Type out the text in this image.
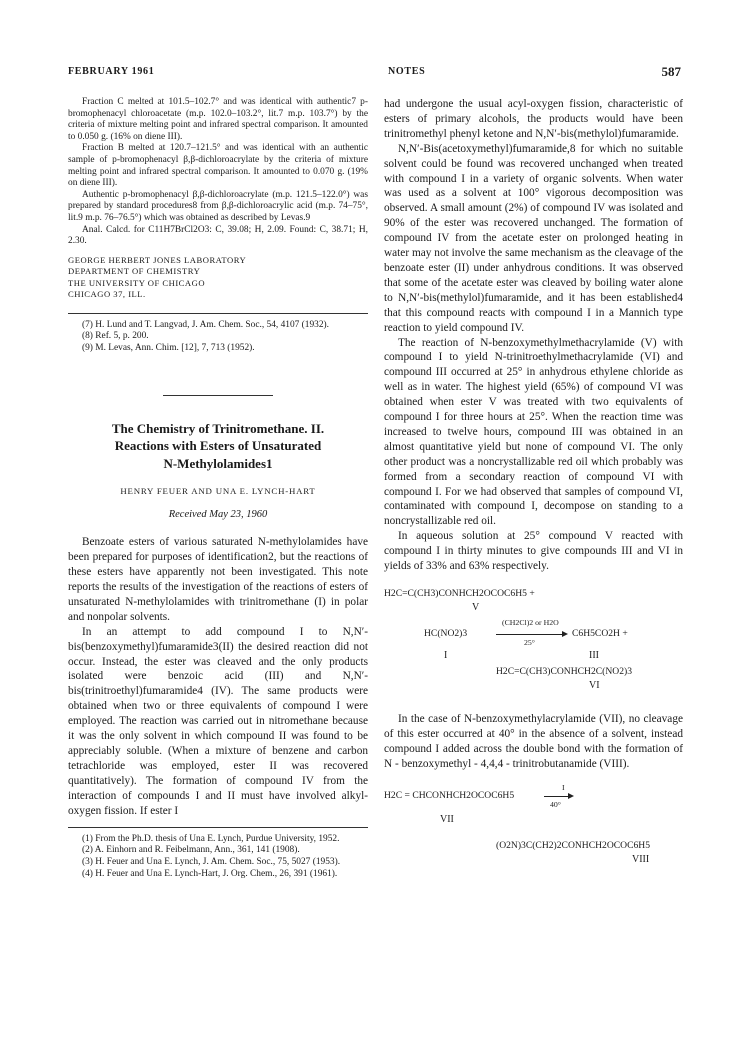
FEBRUARY 1961	NOTES	587

Fraction C melted at 101.5–102.7° and was identical with authentic7 p-bromophenacyl chloroacetate (m.p. 102.0–103.2°, lit.7 m.p. 103.7°) by the criteria of mixture melting point and infrared spectral comparison. It amounted to 0.050 g. (16% on diene III).

Fraction B melted at 120.7–121.5° and was identical with an authentic sample of p-bromophenacyl β,β-dichloroacrylate by the criteria of mixture melting point and infrared spectral comparison. It amounted to 0.070 g. (19% on diene III).

Authentic p-bromophenacyl β,β-dichloroacrylate (m.p. 121.5–122.0°) was prepared by standard procedures8 from β,β-dichloroacrylic acid (m.p. 74–75°, lit.9 m.p. 76–76.5°) which was obtained as described by Levas.9

Anal. Calcd. for C11H7BrCl2O3: C, 39.08; H, 2.09. Found: C, 38.71; H, 2.30.

GEORGE HERBERT JONES LABORATORY
DEPARTMENT OF CHEMISTRY
THE UNIVERSITY OF CHICAGO
CHICAGO 37, ILL.

(7) H. Lund and T. Langvad, J. Am. Chem. Soc., 54, 4107 (1932).

(8) Ref. 5, p. 200.

(9) M. Levas, Ann. Chim. [12], 7, 713 (1952).

The Chemistry of Trinitromethane. II.
Reactions with Esters of Unsaturated
N-Methylolamides1
HENRY FEUER AND UNA E. LYNCH-HART
Received May 23, 1960

Benzoate esters of various saturated N-methylolamides have been prepared for purposes of identification2, but the reactions of these esters have apparently not been investigated. This note reports the results of the investigation of the reactions of esters of unsaturated N-methylolamides with trinitromethane (I) in polar and nonpolar solvents.

In an attempt to add compound I to N,N′-bis(benzoxymethyl)fumaramide3(II) the desired reaction did not occur. Instead, the ester was cleaved and the only products isolated were benzoic acid (III) and N,N′-bis(trinitroethyl)fumaramide4 (IV). The same products were obtained when two or three equivalents of compound I were employed. The reaction was carried out in nitromethane because it was the only solvent in which compound II was found to be appreciably soluble. (When a mixture of benzene and carbon tetrachloride was employed, ester II was recovered quantitatively). The formation of compound IV from the interaction of compounds I and II must have involved alkyl-oxygen fission. If ester I

(1) From the Ph.D. thesis of Una E. Lynch, Purdue University, 1952.

(2) A. Einhorn and R. Feibelmann, Ann., 361, 141 (1908).

(3) H. Feuer and Una E. Lynch, J. Am. Chem. Soc., 75, 5027 (1953).

(4) H. Feuer and Una E. Lynch-Hart, J. Org. Chem., 26, 391 (1961).

had undergone the usual acyl-oxygen fission, characteristic of esters of primary alcohols, the products would have been trinitromethyl phenyl ketone and N,N′-bis(methylol)fumaramide.

N,N′-Bis(acetoxymethyl)fumaramide,8 for which no suitable solvent could be found was recovered unchanged when treated with compound I in a variety of organic solvents. When water was used as a solvent at 100° vigorous decomposition was observed. A small amount (2%) of compound IV was isolated and 90% of the ester was recovered unchanged. The formation of compound IV from the acetate ester on prolonged heating in water may not involve the same mechanism as the cleavage of the benzoate ester (II) under anhydrous conditions. It was observed that some of the acetate ester was cleaved by boiling water alone to N,N′-bis(methylol)fumaramide, and it has been established4 that this compound reacts with compound I in a Mannich type reaction to yield compound IV.

The reaction of N-benzoxymethylmethacrylamide (V) with compound I to yield N-trinitroethylmethacrylamide (VI) and compound III occurred at 25° in anhydrous ethylene chloride as well as in water. The highest yield (65%) of compound VI was obtained when ester V was treated with two equivalents of compound I for three hours at 25°. When the reaction time was increased to twelve hours, compound III was obtained in an almost quantitative yield but none of compound VI. The only other product was a noncrystallizable red oil which probably was formed from a secondary reaction of compound VI with compound I. For we had observed that samples of compound VI, contaminated with compound I, decompose on standing to a noncrystallizable red oil.

In aqueous solution at 25° compound V reacted with compound I in thirty minutes to give compounds III and VI in yields of 33% and 63% respectively.

H2C=C(CH3)CONHCH2OCOC6H5 +
V
HC(NO2)3
(CH2Cl)2 or H2O
25°
C6H5CO2H +
I	III
H2C=C(CH3)CONHCH2C(NO2)3
VI

In the case of N-benzoxymethylacrylamide (VII), no cleavage of this ester occurred at 40° in the absence of a solvent, instead compound I added across the double bond with the formation of N - benzoxymethyl - 4,4,4 - trinitrobutanamide (VIII).

H2C = CHCONHCH2OCOC6H5
I
40°
VII
(O2N)3C(CH2)2CONHCH2OCOC6H5
VIII
